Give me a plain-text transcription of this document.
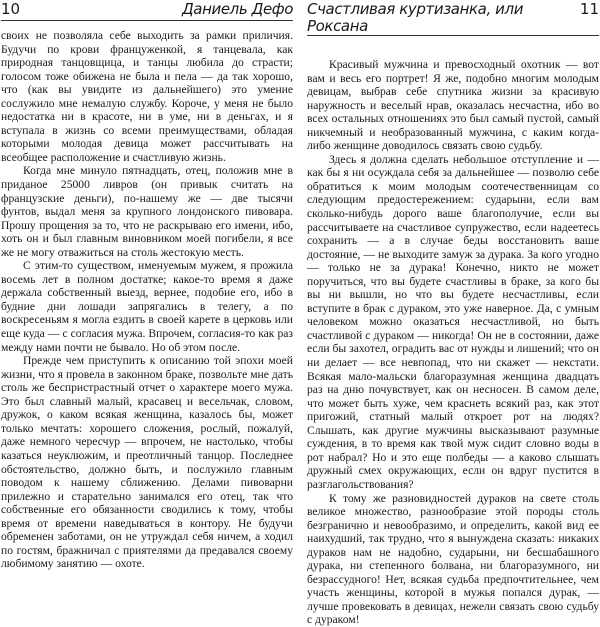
10	Даниель Дефо

своих не позволяла себе выходить за рамки приличия. Будучи по крови француженкой, я танцевала, как природная танцовщица, и танцы любила до страсти; голосом тоже обижена не была и пела — да так хорошо, что (как вы увидите из дальнейшего) это умение сослужило мне немалую службу. Короче, у меня не было недостатка ни в красоте, ни в уме, ни в деньгах, и я вступала в жизнь со всеми преимуществами, обладая которыми молодая девица может рассчитывать на всеобщее расположение и счастливую жизнь.

Когда мне минуло пятнадцать, отец, положив мне в приданое 25000 ливров (он привык считать на французские деньги), по-нашему же — две тысячи фунтов, выдал меня за крупного лондонского пивовара. Прошу прощения за то, что не раскрываю его имени, ибо, хоть он и был главным виновником моей погибели, я все же не могу отважиться на столь жестокую месть.

С этим-то существом, именуемым мужем, я прожила восемь лет в полном достатке; какое-то время я даже держала собственный выезд, вернее, подобие его, ибо в будние дни лошади запрягались в телегу, а по воскресеньям я могла ездить в своей карете в церковь или еще куда — с согласия мужа. Впрочем, согласия-то как раз между нами почти не бывало. Но об этом после.

Прежде чем приступить к описанию той эпохи моей жизни, что я провела в законном браке, позвольте мне дать столь же беспристрастный отчет о характере моего мужа. Это был славный малый, красавец и весельчак, словом, дружок, о каком всякая женщина, казалось бы, может только мечтать: хорошего сложения, рослый, пожалуй, даже немного чересчур — впрочем, не настолько, чтобы казаться неуклюжим, и преотличный танцор. Последнее обстоятельство, должно быть, и послужило главным поводом к нашему сближению. Делами пивоварни прилежно и старательно занимался его отец, так что собственные его обязанности сводились к тому, чтобы время от времени наведываться в контору. Не будучи обременен заботами, он не утруждал себя ничем, а ходил по гостям, бражничал с приятелями да предавался своему любимому занятию — охоте.

Счастливая куртизанка, или Роксана
11

Красивый мужчина и превосходный охотник — вот вам и весь его портрет! Я же, подобно многим молодым девицам, выбрав себе спутника жизни за красивую наружность и веселый нрав, оказалась несчастна, ибо во всех остальных отношениях это был самый пустой, самый никчемный и необразованный мужчина, с каким когда-либо женщине доводилось связать свою судьбу.

Здесь я должна сделать небольшое отступление и — как бы я ни осуждала себя за дальнейшее — позволю себе обратиться к моим молодым соотечественницам со следующим предостережением: сударыни, если вам сколько-нибудь дорого ваше благополучие, если вы рассчитываете на счастливое супружество, если надеетесь сохранить — а в случае беды восстановить ваше достояние, — не выходите замуж за дурака. За кого угодно — только не за дурака! Конечно, никто не может поручиться, что вы будете счастливы в браке, за кого бы вы ни вышли, но что вы будете несчастливы, если вступите в брак с дураком, это уже наверное. Да, с умным человеком можно оказаться несчастливой, но быть счастливой с дураком — никогда! Он не в состоянии, даже если бы захотел, оградить вас от нужды и лишений; что он ни делает — все невпопад, что ни скажет — некстати. Всякая мало-мальски благоразумная женщина двадцать раз на дню почувствует, как он несносен. В самом деле, что может быть хуже, чем краснеть всякий раз, как этот пригожий, статный малый откроет рот на людях? Слышать, как другие мужчины высказывают разумные суждения, в то время как твой муж сидит словно воды в рот набрал? Но и это еще полбеды — а каково слышать дружный смех окружающих, если он вдруг пустится в разглагольствования?

К тому же разновидностей дураков на свете столь великое множество, разнообразие этой породы столь безгранично и невообразимо, и определить, какой вид ее наихудший, так трудно, что я вынуждена сказать: никаких дураков нам не надобно, сударыни, ни бесшабашного дурака, ни степенного болвана, ни благоразумного, ни безрассудного! Нет, всякая судьба предпочтительнее, чем участь женщины, которой в мужья попался дурак, — лучше провековать в девицах, нежели связать свою судьбу с дураком!
